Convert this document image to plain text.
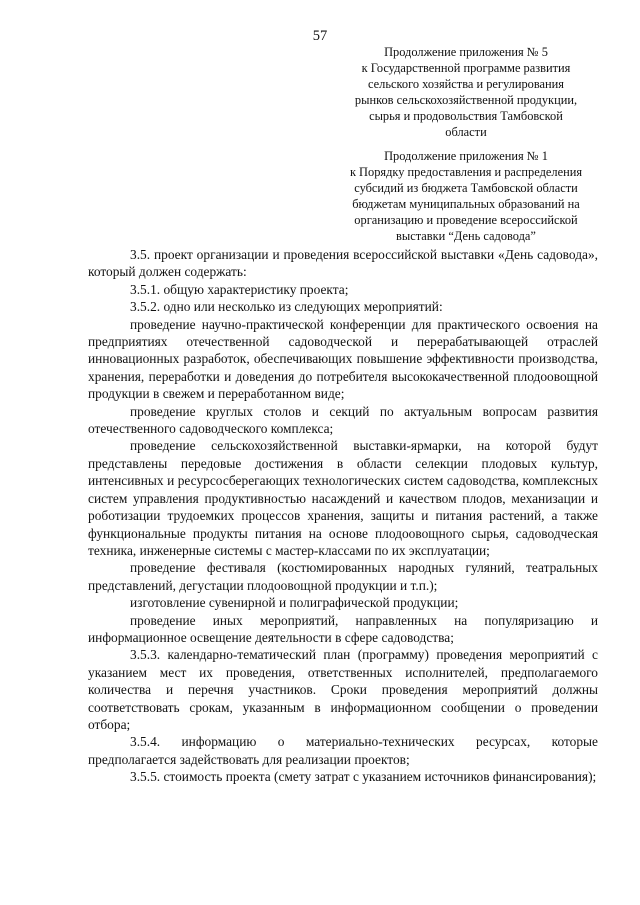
57
Продолжение приложения № 5
к Государственной программе развития
сельского хозяйства и регулирования
рынков сельскохозяйственной продукции,
сырья и продовольствия Тамбовской
области
Продолжение приложения № 1
к Порядку предоставления и распределения
субсидий из бюджета Тамбовской области
бюджетам муниципальных образований на
организацию и проведение всероссийской
выставки “День садовода”

3.5. проект организации и проведения всероссийской выставки «День садовода», который должен содержать:

3.5.1. общую характеристику проекта;

3.5.2. одно или несколько из следующих мероприятий:

проведение научно-практической конференции для практического освоения на предприятиях отечественной садоводческой и перерабатывающей отраслей инновационных разработок, обеспечивающих повышение эффективности производства, хранения, переработки и доведения до потребителя высококачественной плодоовощной продукции в свежем и переработанном виде;

проведение круглых столов и секций по актуальным вопросам развития отечественного садоводческого комплекса;

проведение сельскохозяйственной выставки-ярмарки, на которой будут представлены передовые достижения в области селекции плодовых культур, интенсивных и ресурсосберегающих технологических систем садоводства, комплексных систем управления продуктивностью насаждений и качеством плодов, механизации и роботизации трудоемких процессов хранения, защиты и питания растений, а также функциональные продукты питания на основе плодоовощного сырья, садоводческая техника, инженерные системы с мастер-классами по их эксплуатации;

проведение фестиваля (костюмированных народных гуляний, театральных представлений, дегустации плодоовощной продукции и т.п.);

изготовление сувенирной и полиграфической продукции;

проведение иных мероприятий, направленных на популяризацию и информационное освещение деятельности в сфере садоводства;

3.5.3. календарно-тематический план (программу) проведения мероприятий с указанием мест их проведения, ответственных исполнителей, предполагаемого количества и перечня участников. Сроки проведения мероприятий должны соответствовать срокам, указанным в информационном сообщении о проведении отбора;

3.5.4. информацию о материально-технических ресурсах, которые предполагается задействовать для реализации проектов;

3.5.5. стоимость проекта (смету затрат с указанием источников финансирования);
